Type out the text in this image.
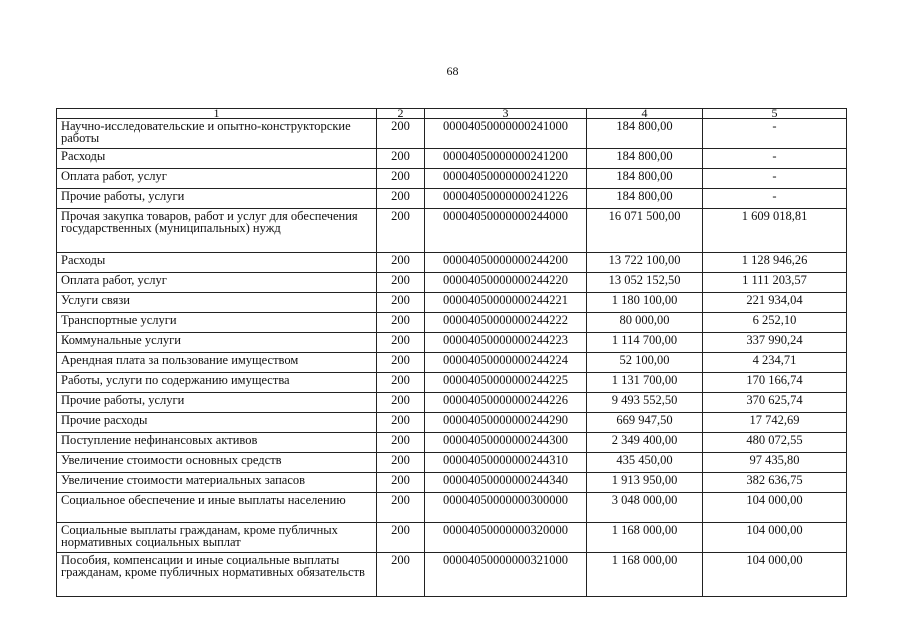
68
1	2	3	4	5
Научно-исследовательские и опытно-конструкторские работы	200	00004050000000241000	184 800,00	-
Расходы	200	00004050000000241200	184 800,00	-
Оплата работ, услуг	200	00004050000000241220	184 800,00	-
Прочие работы, услуги	200	00004050000000241226	184 800,00	-
Прочая закупка товаров, работ и услуг для обеспечения государственных (муниципальных) нужд	200	00004050000000244000	16 071 500,00	1 609 018,81
Расходы	200	00004050000000244200	13 722 100,00	1 128 946,26
Оплата работ, услуг	200	00004050000000244220	13 052 152,50	1 111 203,57
Услуги связи	200	00004050000000244221	1 180 100,00	221 934,04
Транспортные услуги	200	00004050000000244222	80 000,00	6 252,10
Коммунальные услуги	200	00004050000000244223	1 114 700,00	337 990,24
Арендная плата за пользование имуществом	200	00004050000000244224	52 100,00	4 234,71
Работы, услуги по содержанию имущества	200	00004050000000244225	1 131 700,00	170 166,74
Прочие работы, услуги	200	00004050000000244226	9 493 552,50	370 625,74
Прочие расходы	200	00004050000000244290	669 947,50	17 742,69
Поступление нефинансовых активов	200	00004050000000244300	2 349 400,00	480 072,55
Увеличение стоимости основных средств	200	00004050000000244310	435 450,00	97 435,80
Увеличение стоимости материальных запасов	200	00004050000000244340	1 913 950,00	382 636,75
Социальное обеспечение и иные выплаты населению	200	00004050000000300000	3 048 000,00	104 000,00
Социальные выплаты гражданам, кроме публичных нормативных социальных выплат	200	00004050000000320000	1 168 000,00	104 000,00
Пособия, компенсации и иные социальные выплаты гражданам, кроме публичных нормативных обязательств	200	00004050000000321000	1 168 000,00	104 000,00
